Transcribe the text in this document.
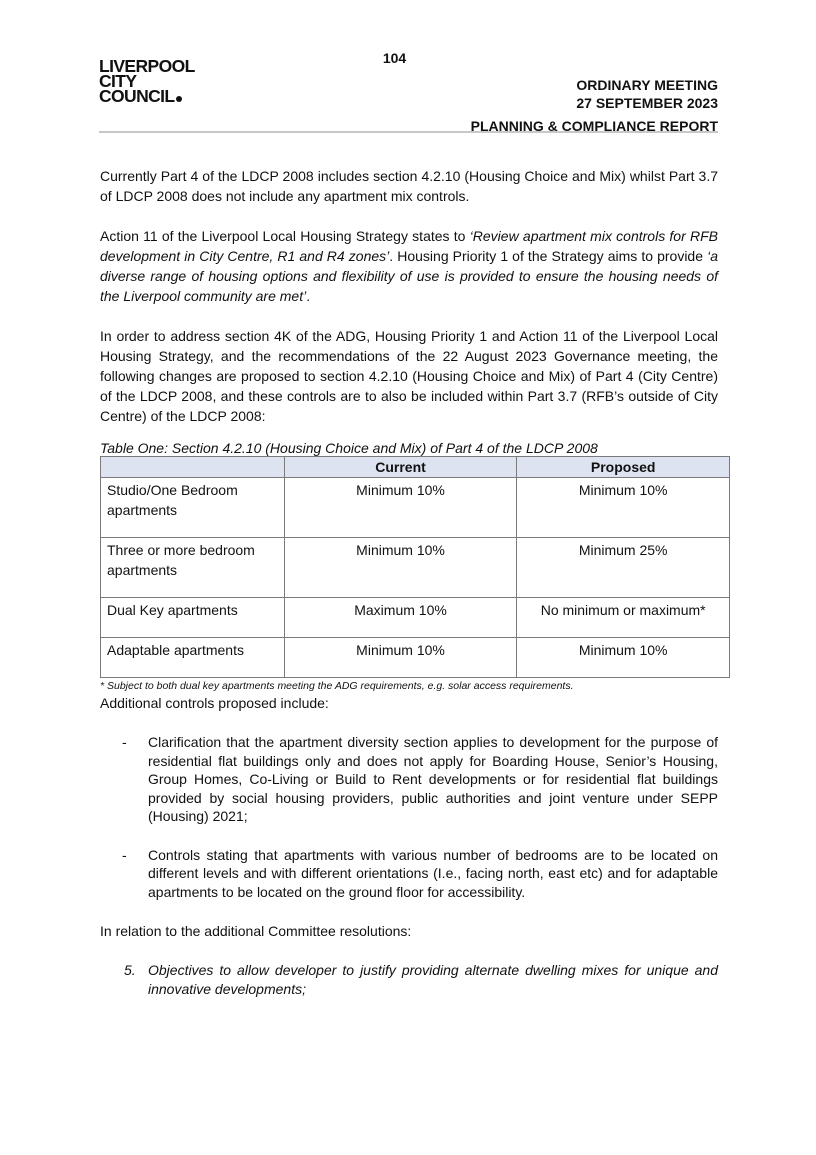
104
LIVERPOOL
CITY
COUNCIL
ORDINARY MEETING
27 SEPTEMBER 2023
PLANNING & COMPLIANCE REPORT

Currently Part 4 of the LDCP 2008 includes section 4.2.10 (Housing Choice and Mix) whilst Part 3.7 of LDCP 2008 does not include any apartment mix controls.

Action 11 of the Liverpool Local Housing Strategy states to ‘Review apartment mix controls for RFB development in City Centre, R1 and R4 zones’. Housing Priority 1 of the Strategy aims to provide ‘a diverse range of housing options and flexibility of use is provided to ensure the housing needs of the Liverpool community are met’.

In order to address section 4K of the ADG, Housing Priority 1 and Action 11 of the Liverpool Local Housing Strategy, and the recommendations of the 22 August 2023 Governance meeting, the following changes are proposed to section 4.2.10 (Housing Choice and Mix) of Part 4 (City Centre) of the LDCP 2008, and these controls are to also be included within Part 3.7 (RFB’s outside of City Centre) of the LDCP 2008:

Table One: Section 4.2.10 (Housing Choice and Mix) of Part 4 of the LDCP 2008
	Current	Proposed
Studio/One Bedroom apartments	Minimum 10%	Minimum 10%
Three or more bedroom apartments	Minimum 10%	Minimum 25%
Dual Key apartments	Maximum 10%	No minimum or maximum*
Adaptable apartments	Minimum 10%	Minimum 10%
* Subject to both dual key apartments meeting the ADG requirements, e.g. solar access requirements.

Additional controls proposed include:

- Clarification that the apartment diversity section applies to development for the purpose of residential flat buildings only and does not apply for Boarding House, Senior’s Housing, Group Homes, Co-Living or Build to Rent developments or for residential flat buildings provided by social housing providers, public authorities and joint venture under SEPP (Housing) 2021;
- Controls stating that apartments with various number of bedrooms are to be located on different levels and with different orientations (I.e., facing north, east etc) and for adaptable apartments to be located on the ground floor for accessibility.

In relation to the additional Committee resolutions:

5. Objectives to allow developer to justify providing alternate dwelling mixes for unique and innovative developments;
